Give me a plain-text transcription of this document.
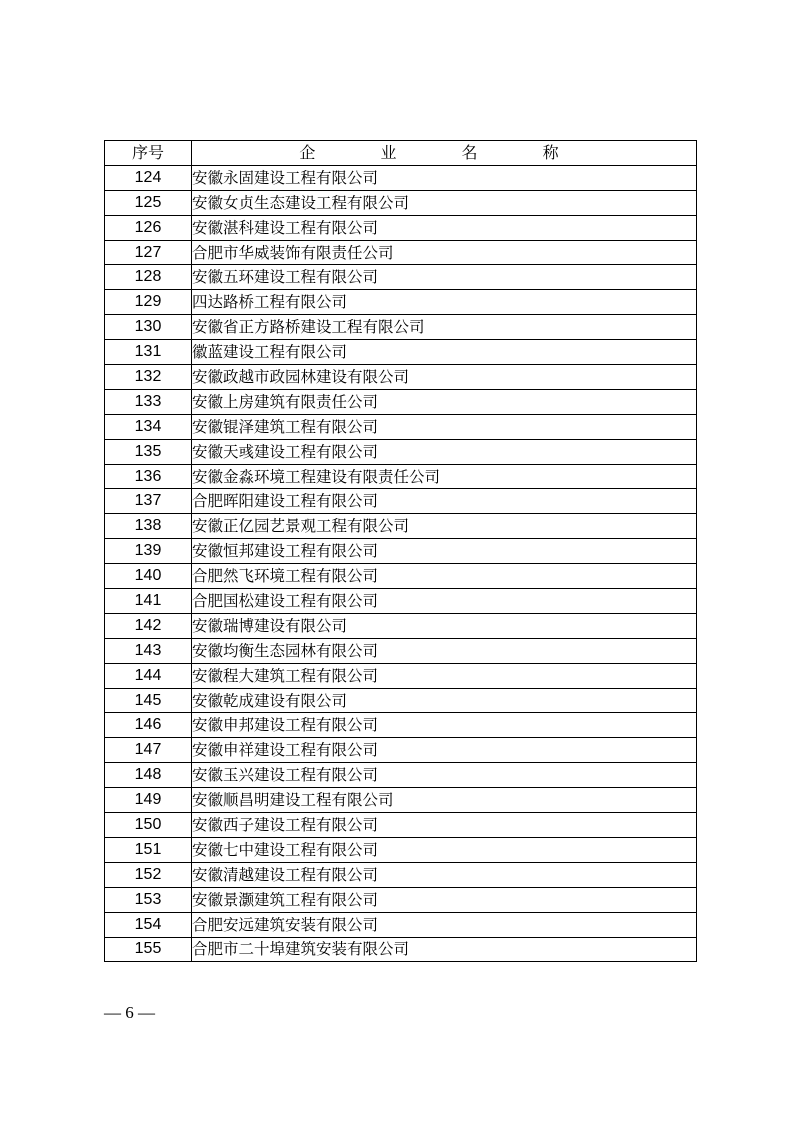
序号	企 业 名 称
124	安徽永固建设工程有限公司
125	安徽女贞生态建设工程有限公司
126	安徽湛科建设工程有限公司
127	合肥市华威装饰有限责任公司
128	安徽五环建设工程有限公司
129	四达路桥工程有限公司
130	安徽省正方路桥建设工程有限公司
131	徽蓝建设工程有限公司
132	安徽政越市政园林建设有限公司
133	安徽上房建筑有限责任公司
134	安徽锟泽建筑工程有限公司
135	安徽天彧建设工程有限公司
136	安徽金淼环境工程建设有限责任公司
137	合肥晖阳建设工程有限公司
138	安徽正亿园艺景观工程有限公司
139	安徽恒邦建设工程有限公司
140	合肥然飞环境工程有限公司
141	合肥国松建设工程有限公司
142	安徽瑞博建设有限公司
143	安徽均衡生态园林有限公司
144	安徽程大建筑工程有限公司
145	安徽乾成建设有限公司
146	安徽申邦建设工程有限公司
147	安徽申祥建设工程有限公司
148	安徽玉兴建设工程有限公司
149	安徽顺昌明建设工程有限公司
150	安徽西子建设工程有限公司
151	安徽七中建设工程有限公司
152	安徽清越建设工程有限公司
153	安徽景灏建筑工程有限公司
154	合肥安远建筑安装有限公司
155	合肥市二十埠建筑安装有限公司
— 6 —
